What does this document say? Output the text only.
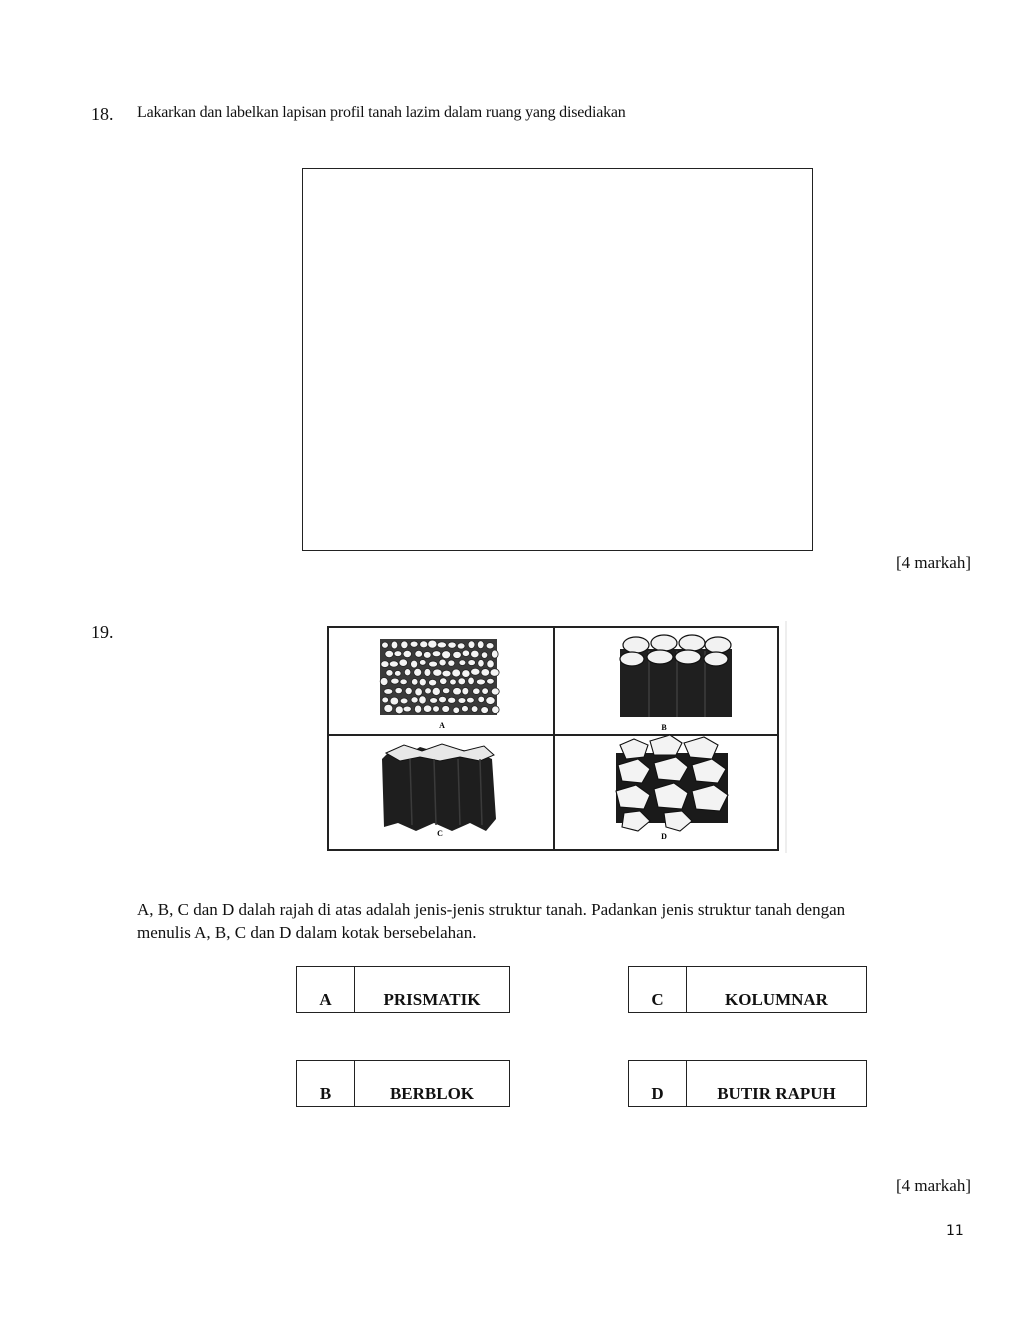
18. Lakarkan dan labelkan lapisan profil tanah lazim dalam ruang yang disediakan
[4 markah]
19.
A	B
C	D
A, B, C dan D dalah rajah di atas adalah jenis-jenis struktur tanah. Padankan jenis struktur tanah dengan
menulis A, B, C dan D dalam kotak bersebelahan.
A	PRISMATIK	C	KOLUMNAR
B	BERBLOK	D	BUTIR RAPUH
[4 markah]
11
